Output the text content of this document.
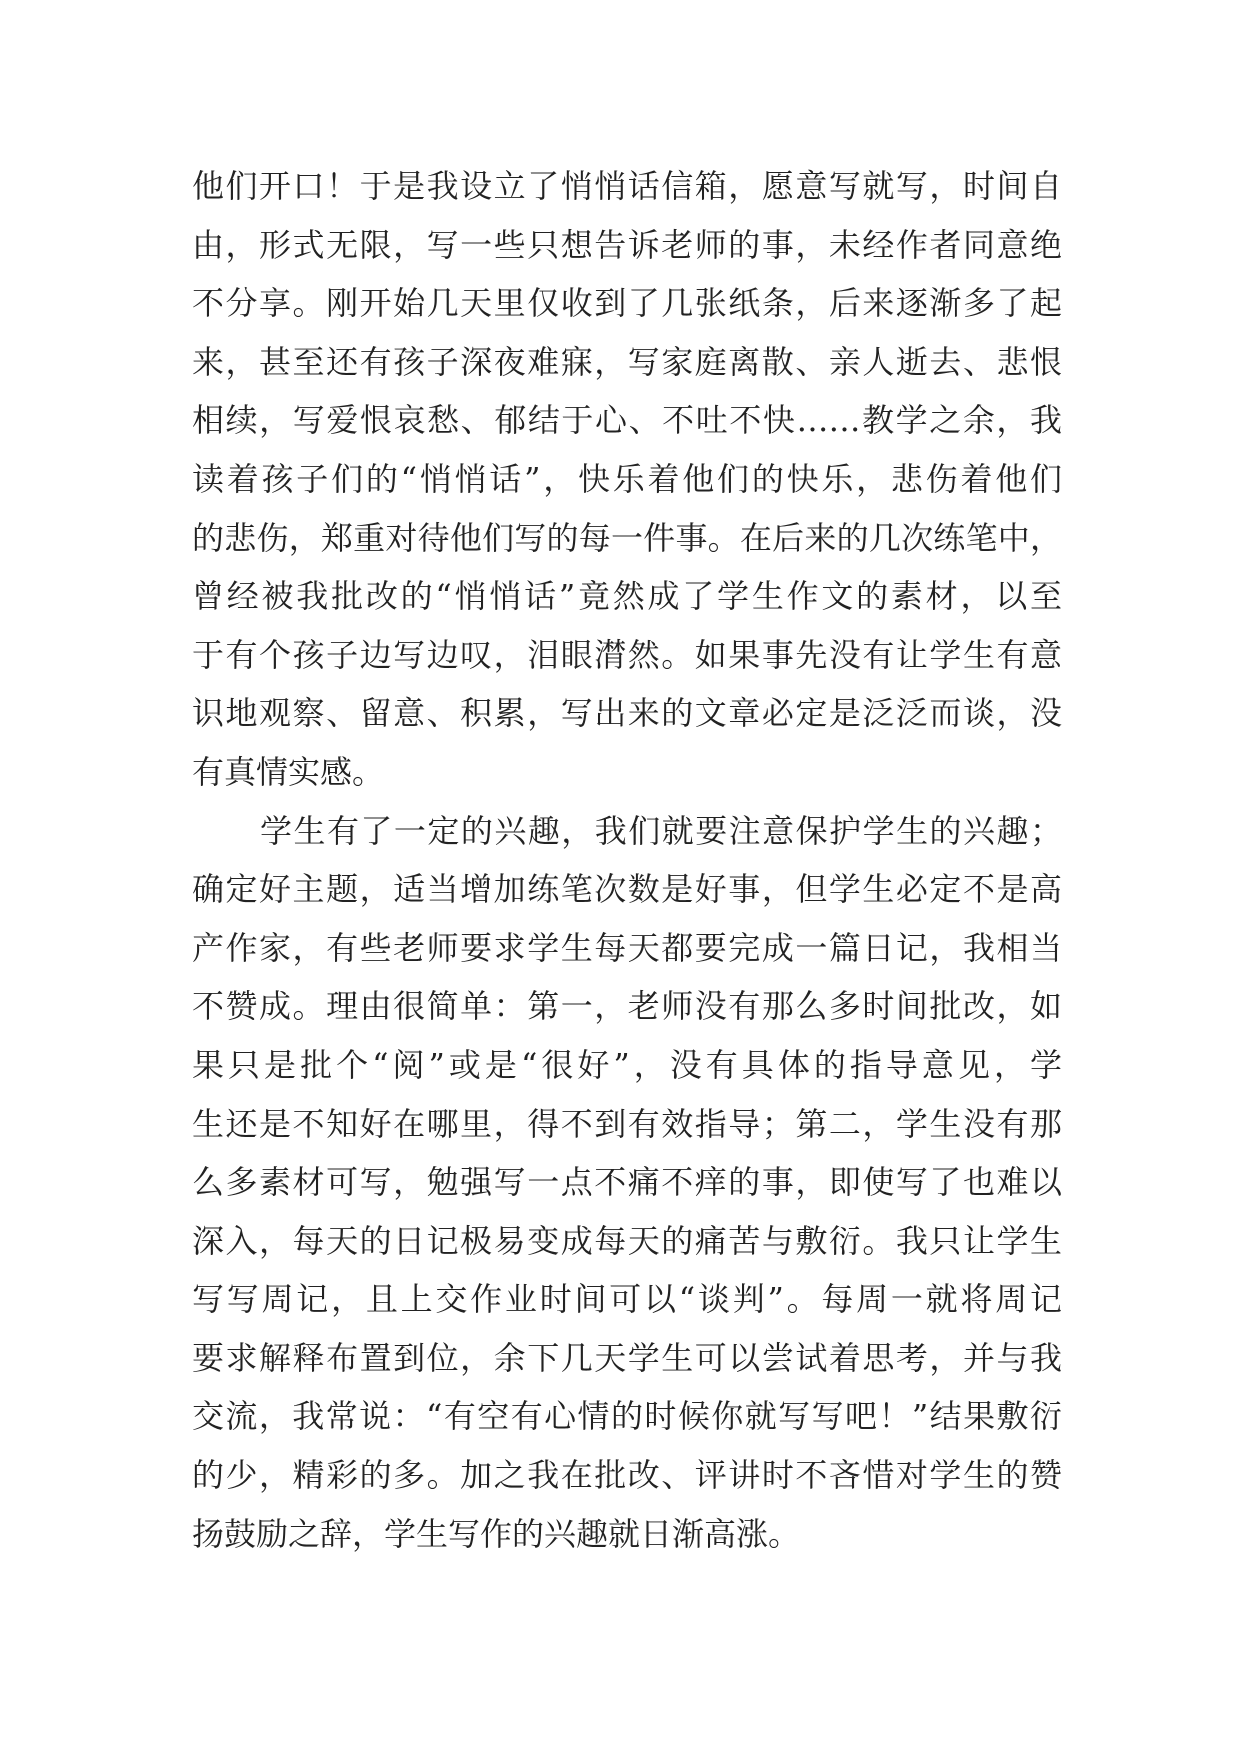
他们开口！于是我设立了悄悄话信箱，愿意写就写，时间自
由，形式无限，写一些只想告诉老师的事，未经作者同意绝
不分享。刚开始几天里仅收到了几张纸条，后来逐渐多了起
来，甚至还有孩子深夜难寐，写家庭离散、亲人逝去、悲恨
相续，写爱恨哀愁、郁结于心、不吐不快……教学之余，我
读着孩子们的“悄悄话”，快乐着他们的快乐，悲伤着他们
的悲伤，郑重对待他们写的每一件事。在后来的几次练笔中，
曾经被我批改的“悄悄话”竟然成了学生作文的素材，以至
于有个孩子边写边叹，泪眼潸然。如果事先没有让学生有意
识地观察、留意、积累，写出来的文章必定是泛泛而谈，没
有真情实感。
学生有了一定的兴趣，我们就要注意保护学生的兴趣；
确定好主题，适当增加练笔次数是好事，但学生必定不是高
产作家，有些老师要求学生每天都要完成一篇日记，我相当
不赞成。理由很简单：第一，老师没有那么多时间批改，如
果只是批个“阅”或是“很好”，没有具体的指导意见，学
生还是不知好在哪里，得不到有效指导；第二，学生没有那
么多素材可写，勉强写一点不痛不痒的事，即使写了也难以
深入，每天的日记极易变成每天的痛苦与敷衍。我只让学生
写写周记，且上交作业时间可以“谈判”。每周一就将周记
要求解释布置到位，余下几天学生可以尝试着思考，并与我
交流，我常说：“有空有心情的时候你就写写吧！”结果敷衍
的少，精彩的多。加之我在批改、评讲时不吝惜对学生的赞
扬鼓励之辞，学生写作的兴趣就日渐高涨。
